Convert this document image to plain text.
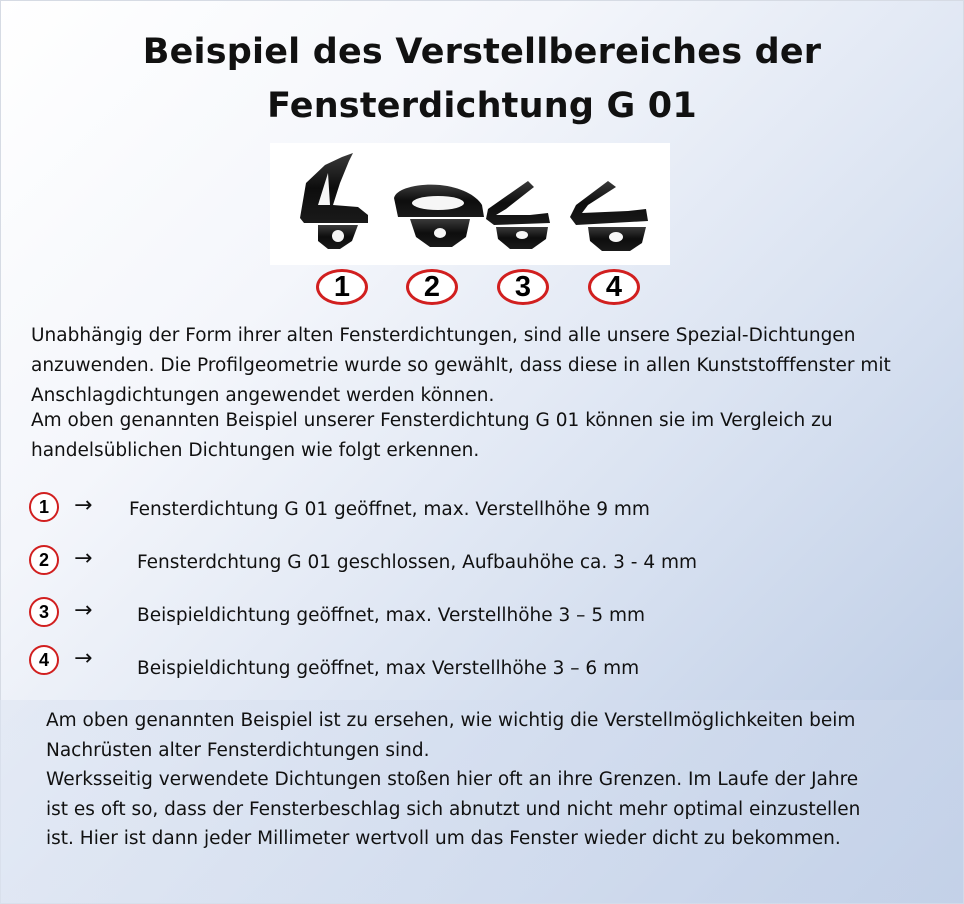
Beispiel des Verstellbereiches der
Fensterdichtung G 01
1	2	3	4
Unabhängig der Form ihrer alten Fensterdichtungen, sind alle unsere Spezial-Dichtungen
anzuwenden. Die Profilgeometrie wurde so gewählt, dass diese in allen Kunststofffenster mit
Anschlagdichtungen angewendet werden können.
Am oben genannten Beispiel unserer Fensterdichtung G 01 können sie im Vergleich zu
handelsüblichen Dichtungen wie folgt erkennen.
1	→ Fensterdichtung G 01 geöffnet, max. Verstellhöhe 9 mm
2	→ Fensterdchtung G 01 geschlossen, Aufbauhöhe ca. 3 - 4 mm
3	→ Beispieldichtung geöffnet, max. Verstellhöhe 3 – 5 mm
4	→ Beispieldichtung geöffnet, max Verstellhöhe 3 – 6 mm
Am oben genannten Beispiel ist zu ersehen, wie wichtig die Verstellmöglichkeiten beim
Nachrüsten alter Fensterdichtungen sind.
Werksseitig verwendete Dichtungen stoßen hier oft an ihre Grenzen. Im Laufe der Jahre
ist es oft so, dass der Fensterbeschlag sich abnutzt und nicht mehr optimal einzustellen
ist. Hier ist dann jeder Millimeter wertvoll um das Fenster wieder dicht zu bekommen.
